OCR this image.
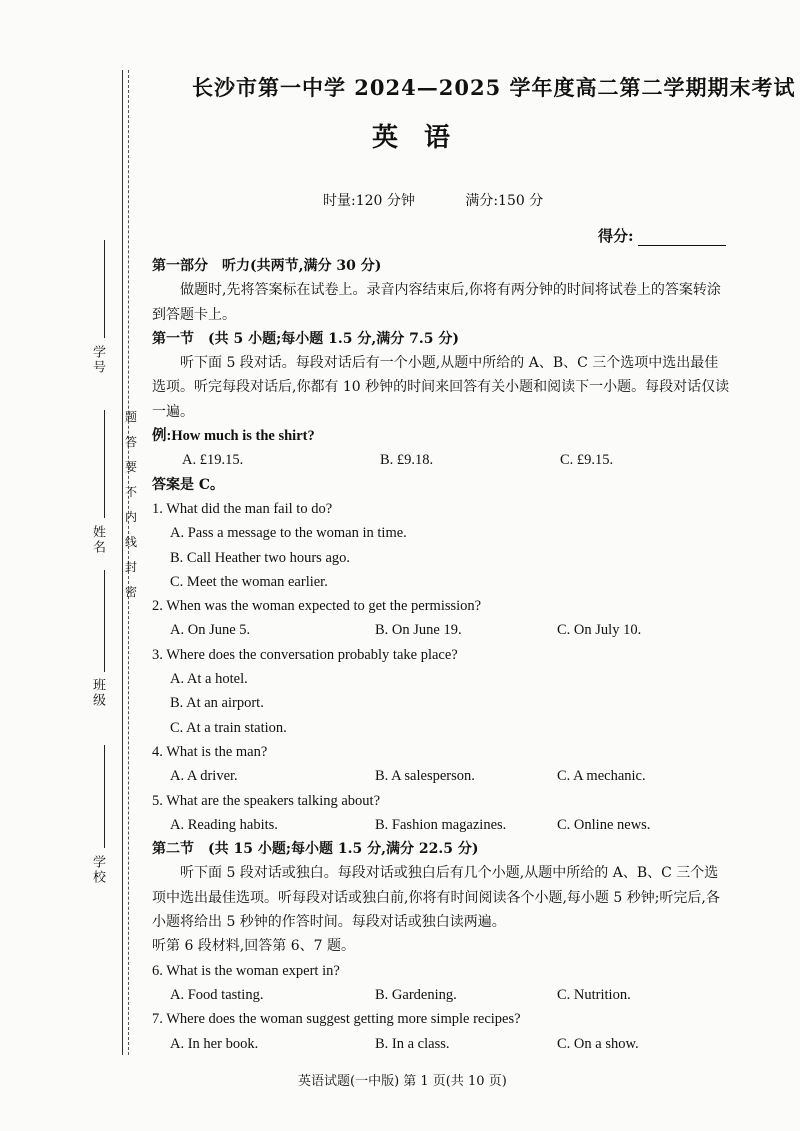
学号
姓名
班级
学校
题
答
要
不
内
线
封
密
长沙市第一中学 2024—2025 学年度高二第二学期期末考试
英语
时量:120 分钟	满分:150 分
得分:

第一部分　听力(共两节,满分 30 分)

做题时,先将答案标在试卷上。录音内容结束后,你将有两分钟的时间将试卷上的答案转涂到答题卡上。

第一节　(共 5 小题;每小题 1.5 分,满分 7.5 分)

听下面 5 段对话。每段对话后有一个小题,从题中所给的 A、B、C 三个选项中选出最佳选项。听完每段对话后,你都有 10 秒钟的时间来回答有关小题和阅读下一小题。每段对话仅读一遍。

例:How much is the shirt?

A. £19.15.	B. £9.18.	C. £9.15.

答案是 C。

1. What did the man fail to do?

A. Pass a message to the woman in time.

B. Call Heather two hours ago.

C. Meet the woman earlier.

2. When was the woman expected to get the permission?

A. On June 5.	B. On June 19.	C. On July 10.

3. Where does the conversation probably take place?

A. At a hotel.

B. At an airport.

C. At a train station.

4. What is the man?

A. A driver.	B. A salesperson.	C. A mechanic.

5. What are the speakers talking about?

A. Reading habits.	B. Fashion magazines.	C. Online news.

第二节　(共 15 小题;每小题 1.5 分,满分 22.5 分)

听下面 5 段对话或独白。每段对话或独白后有几个小题,从题中所给的 A、B、C 三个选项中选出最佳选项。听每段对话或独白前,你将有时间阅读各个小题,每小题 5 秒钟;听完后,各小题将给出 5 秒钟的作答时间。每段对话或独白读两遍。

听第 6 段材料,回答第 6、7 题。

6. What is the woman expert in?

A. Food tasting.	B. Gardening.	C. Nutrition.

7. Where does the woman suggest getting more simple recipes?

A. In her book.	B. In a class.	C. On a show.
英语试题(一中版) 第 1 页(共 10 页)
